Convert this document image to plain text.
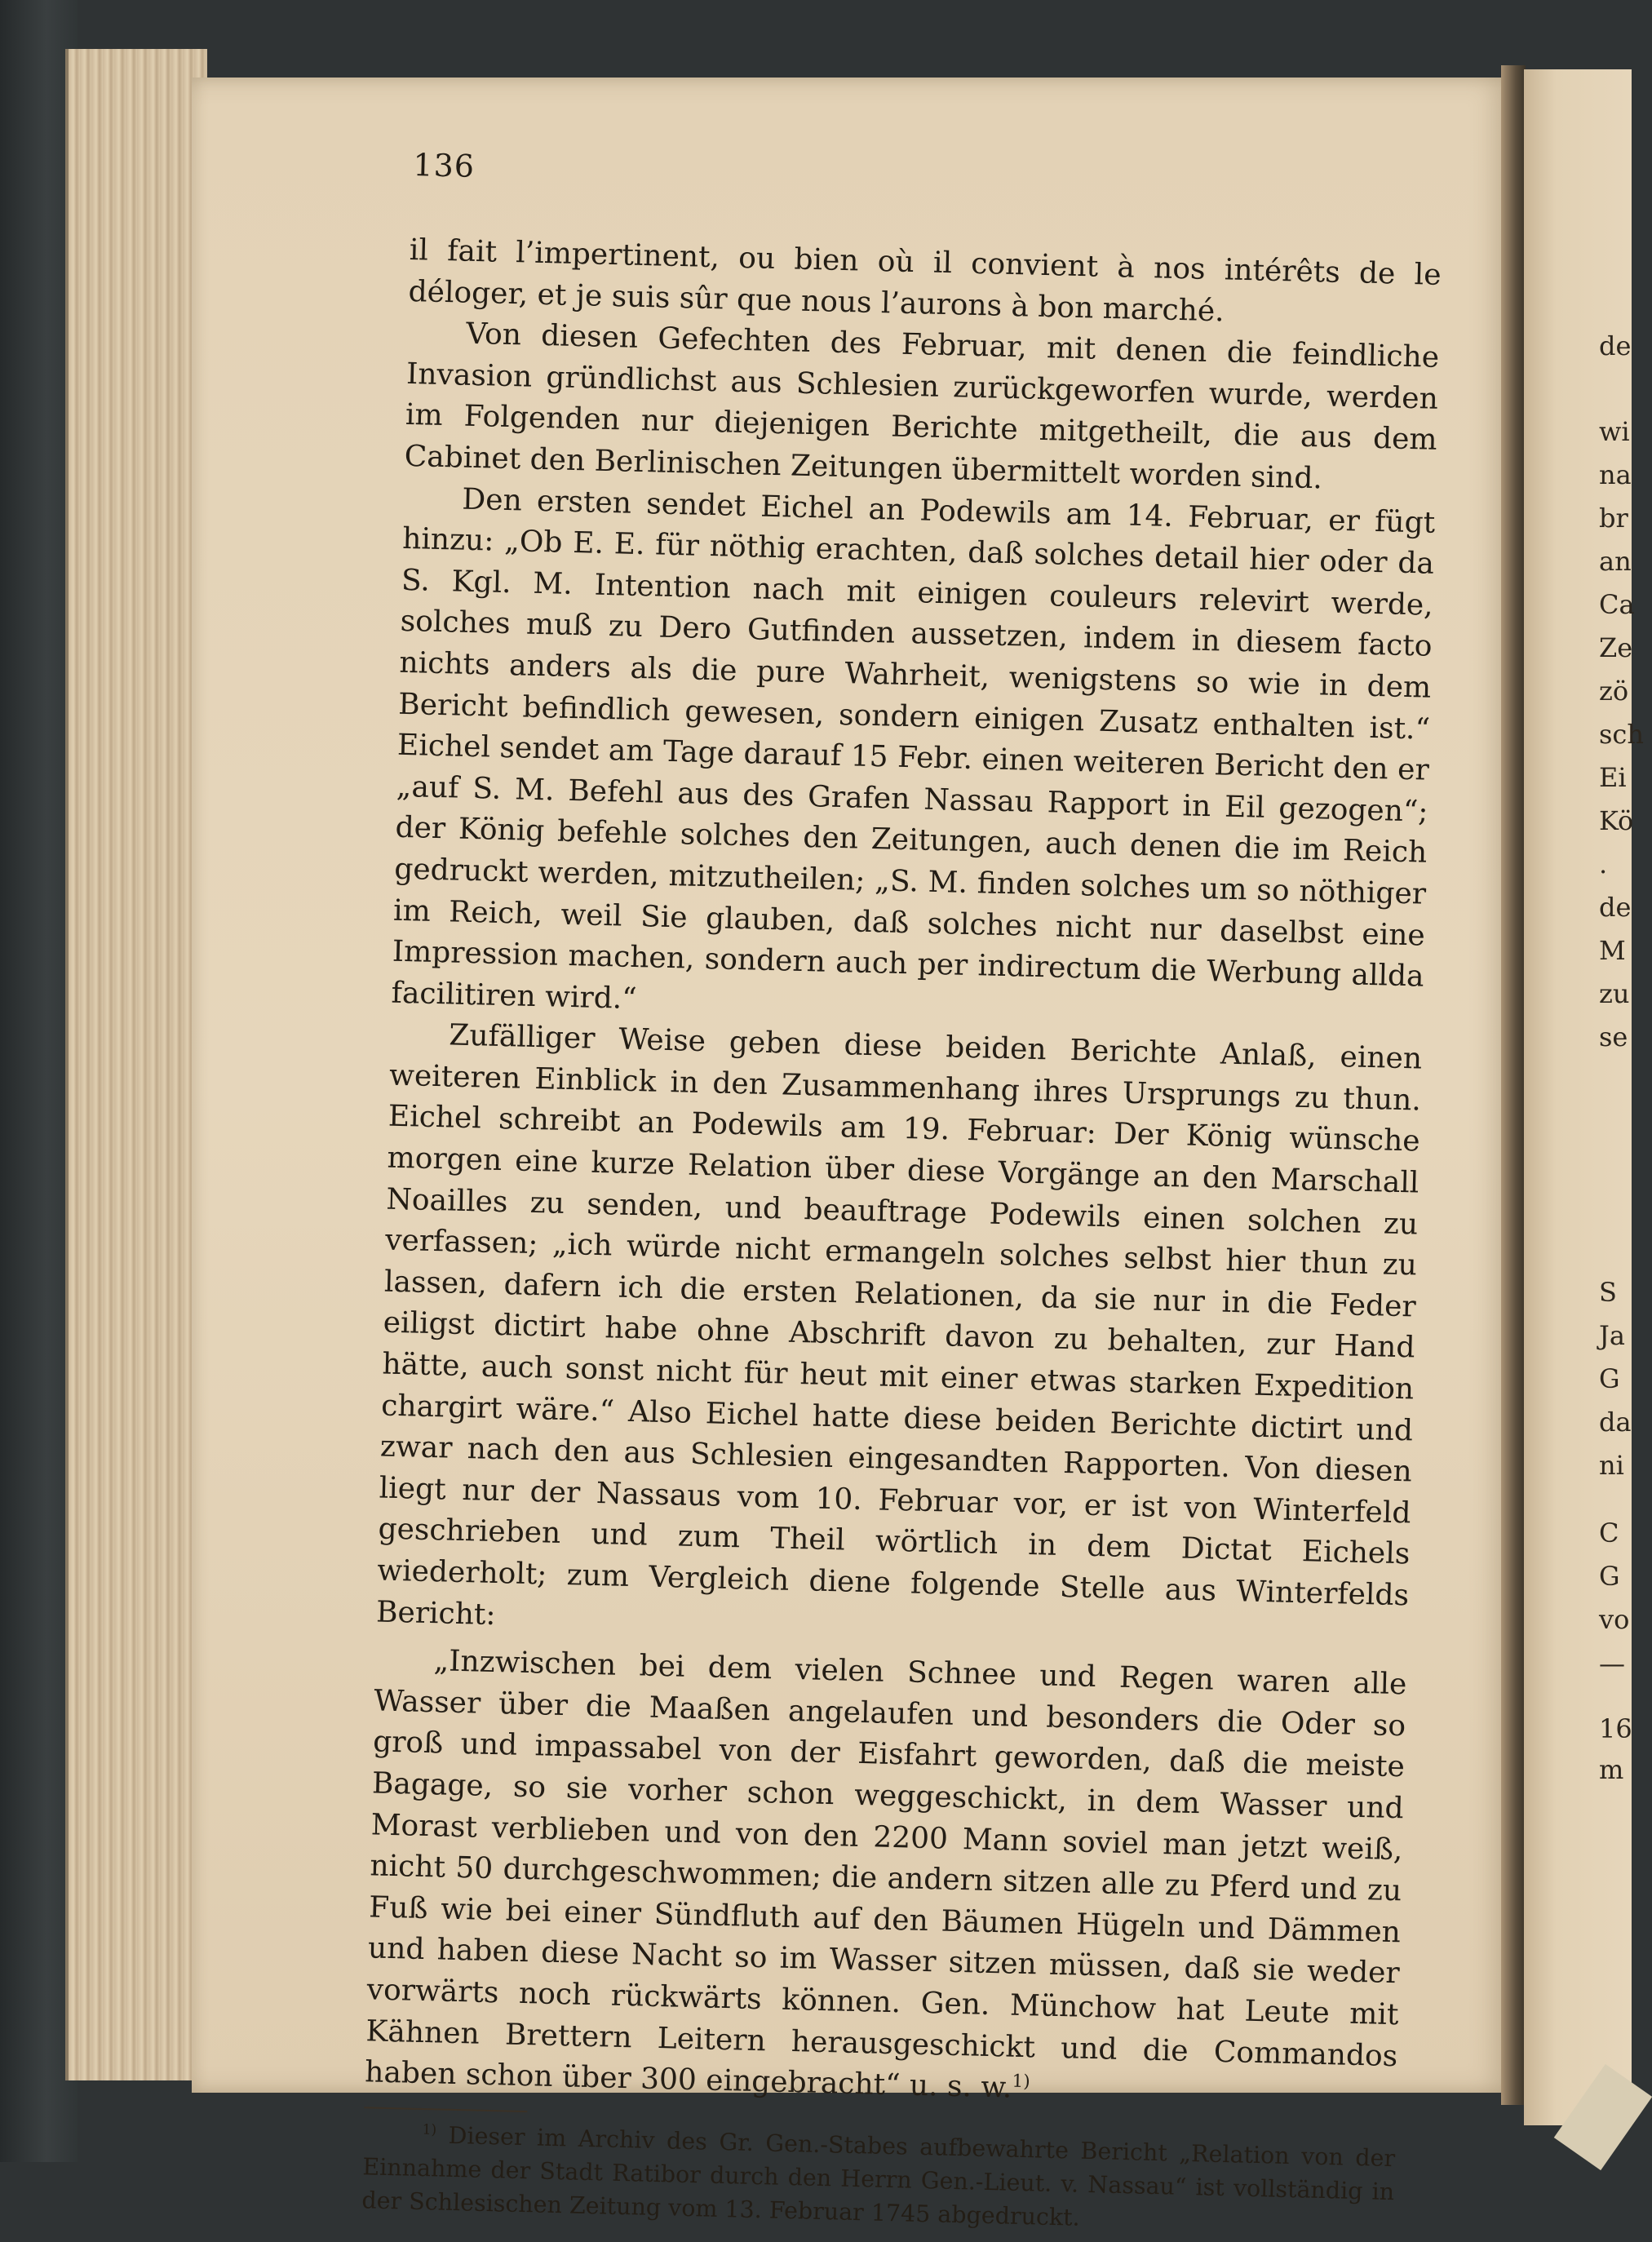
de
wi
na
br
an
Ca
Ze
zö
sch
Ei
Kö
.
de
M
zu
se
S
Ja
G
da
ni
C
G
vo
—
16
m
136

il fait l’impertinent, ou bien où il convient à nos intérêts de le déloger, et je suis sûr que nous l’aurons à bon marché.

Von diesen Gefechten des Februar, mit denen die feindliche Invasion gründlichst aus Schlesien zurückgeworfen wurde, werden im Folgenden nur diejenigen Berichte mitgetheilt, die aus dem Cabinet den Berlinischen Zeitungen übermittelt worden sind.

Den ersten sendet Eichel an Podewils am 14. Februar, er fügt hinzu: „Ob E. E. für nöthig erachten, daß solches detail hier oder da S. Kgl. M. Intention nach mit einigen couleurs relevirt werde, solches muß zu Dero Gutfinden aussetzen, indem in diesem facto nichts anders als die pure Wahrheit, wenigstens so wie in dem Bericht befindlich gewesen, sondern einigen Zusatz enthalten ist.“ Eichel sendet am Tage darauf 15 Febr. einen weiteren Bericht den er „auf S. M. Befehl aus des Grafen Nassau Rapport in Eil gezogen“; der König befehle solches den Zeitungen, auch denen die im Reich gedruckt werden, mitzutheilen; „S. M. finden solches um so nöthiger im Reich, weil Sie glauben, daß solches nicht nur daselbst eine Impression machen, sondern auch per indirectum die Werbung allda facilitiren wird.“

Zufälliger Weise geben diese beiden Berichte Anlaß, einen weiteren Einblick in den Zusammenhang ihres Ursprungs zu thun. Eichel schreibt an Podewils am 19. Februar: Der König wünsche morgen eine kurze Relation über diese Vorgänge an den Marschall Noailles zu senden, und beauftrage Podewils einen solchen zu verfassen; „ich würde nicht ermangeln solches selbst hier thun zu lassen, dafern ich die ersten Relationen, da sie nur in die Feder eiligst dictirt habe ohne Abschrift davon zu behalten, zur Hand hätte, auch sonst nicht für heut mit einer etwas starken Expedition chargirt wäre.“ Also Eichel hatte diese beiden Berichte dictirt und zwar nach den aus Schlesien eingesandten Rapporten. Von diesen liegt nur der Nassaus vom 10. Februar vor, er ist von Winterfeld geschrieben und zum Theil wörtlich in dem Dictat Eichels wiederholt; zum Vergleich diene folgende Stelle aus Winterfelds Bericht:

„Inzwischen bei dem vielen Schnee und Regen waren alle Wasser über die Maaßen angelaufen und besonders die Oder so groß und impassabel von der Eisfahrt geworden, daß die meiste Bagage, so sie vorher schon weggeschickt, in dem Wasser und Morast verblieben und von den 2200 Mann soviel man jetzt weiß, nicht 50 durchgeschwommen; die andern sitzen alle zu Pferd und zu Fuß wie bei einer Sündfluth auf den Bäumen Hügeln und Dämmen und haben diese Nacht so im Wasser sitzen müssen, daß sie weder vorwärts noch rückwärts können. Gen. Münchow hat Leute mit Kähnen Brettern Leitern herausgeschickt und die Commandos haben schon über 300 eingebracht“ u. s. w.$^{1)}$

$^{1)}$ Dieser im Archiv des Gr. Gen.-Stabes aufbewahrte Bericht „Relation von der Einnahme der Stadt Ratibor durch den Herrn Gen.-Lieut. v. Nassau“ ist vollständig in der Schlesischen Zeitung vom 13. Februar 1745 abgedruckt.
